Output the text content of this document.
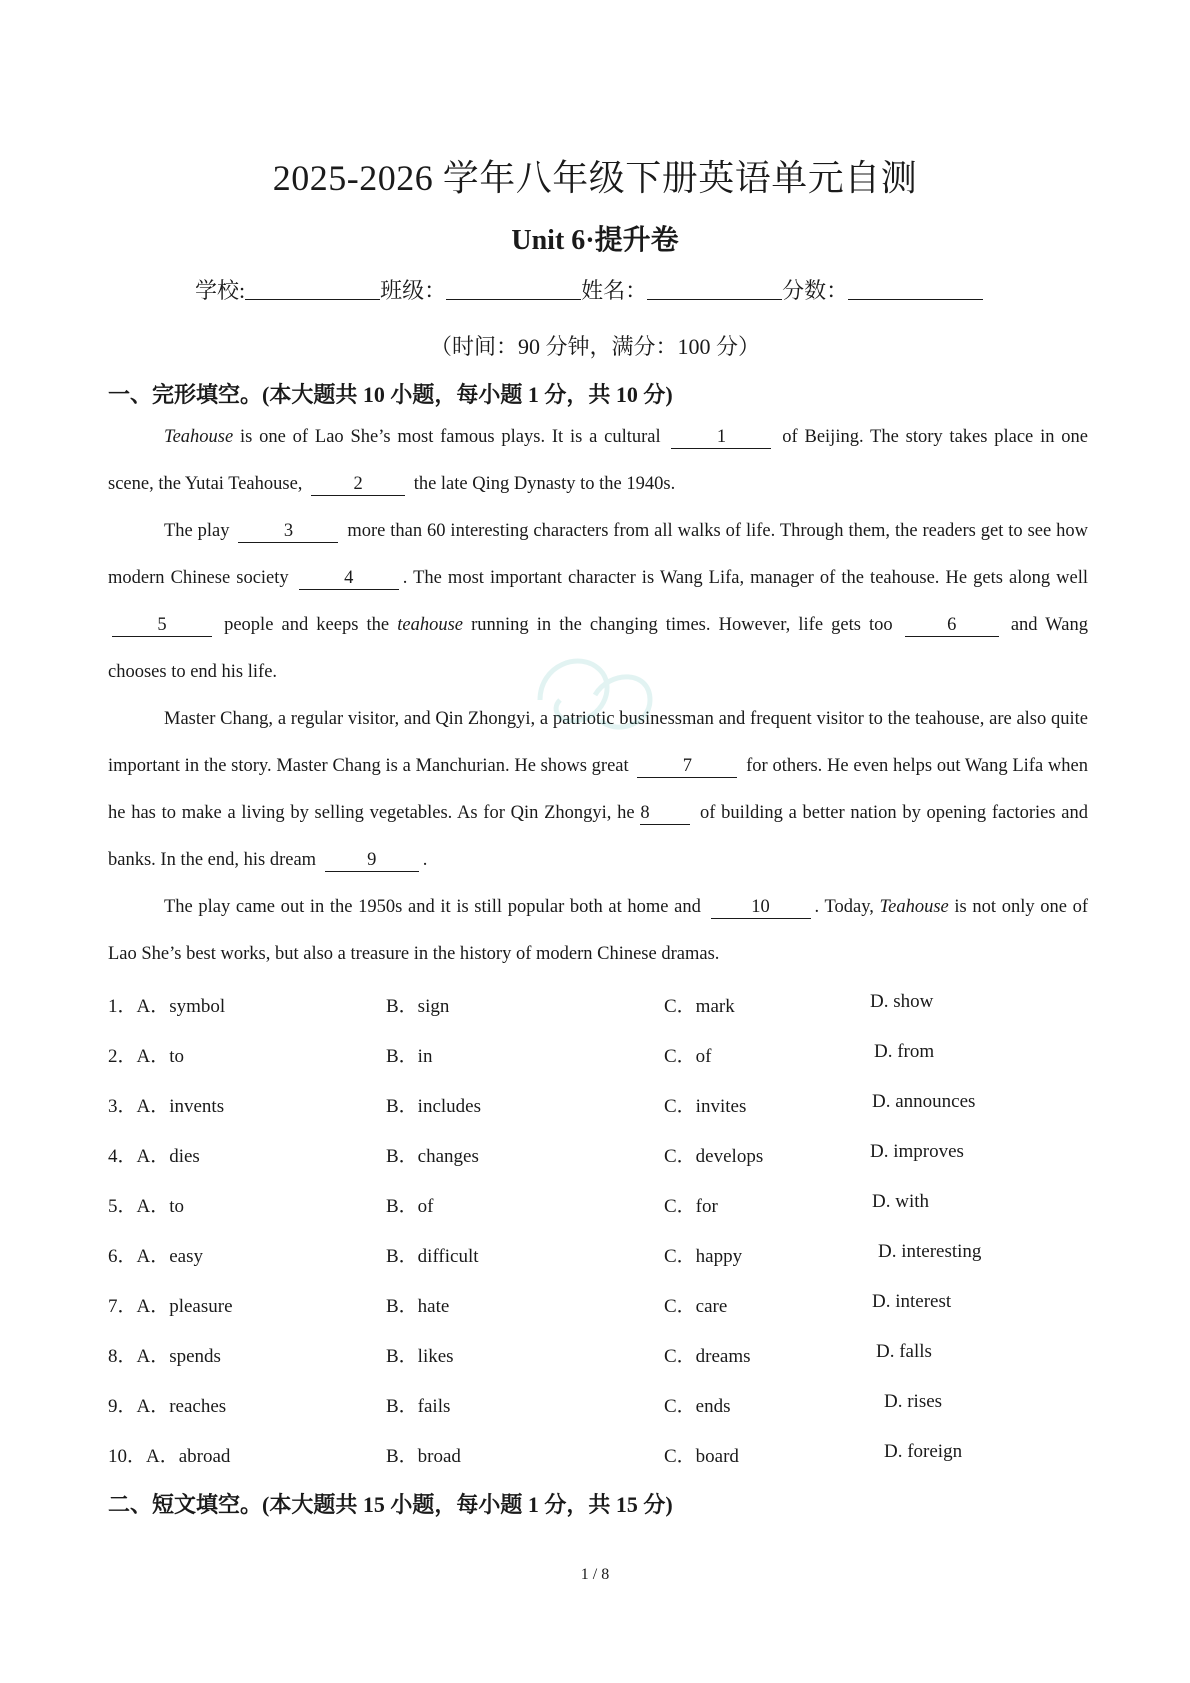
2025-2026 学年八年级下册英语单元自测
Unit 6·提升卷
学校:	班级：	姓名：	分数：
（时间：90 分钟，满分：100 分）
一、完形填空。(本大题共 10 小题，每小题 1 分，共 10 分)
Teahouse is one of Lao She’s most famous plays. It is a cultural	1	of Beijing. The story takes place in one scene, the Yutai Teahouse,	2	the late Qing Dynasty to the 1940s.
The play	3	more than 60 interesting characters from all walks of life. Through them, the readers get to see how modern Chinese society	4	. The most important character is Wang Lifa, manager of the teahouse. He gets along well 5	people and keeps the teahouse running in the changing times. However, life gets too	6	and Wang chooses to end his life.
Master Chang, a regular visitor, and Qin Zhongyi, a patriotic businessman and frequent visitor to the teahouse, are also quite important in the story. Master Chang is a Manchurian. He shows great	7	for others. He even helps out Wang Lifa when he has to make a living by selling vegetables. As for Qin Zhongyi, he 8 of building a better nation by opening factories and banks. In the end, his dream	9	.
The play came out in the 1950s and it is still popular both at home and 10 . Today, Teahouse is not only one of Lao She’s best works, but also a treasure in the history of modern Chinese dramas.
1．A．symbol	B．sign	C．mark	D. show
2．A．to	B．in	C．of	D. from
3．A．invents	B．includes	C．invites	D. announces
4．A．dies	B．changes	C．develops	D. improves
5．A．to	B．of	C．for	D. with
6．A．easy	B．difficult	C．happy	D. interesting
7．A．pleasure	B．hate	C．care	D. interest
8．A．spends	B．likes	C．dreams	D. falls
9．A．reaches	B．fails	C．ends	D. rises
10．A．abroad	B．broad	C．board	D. foreign
二、短文填空。(本大题共 15 小题，每小题 1 分，共 15 分)
1 / 8
